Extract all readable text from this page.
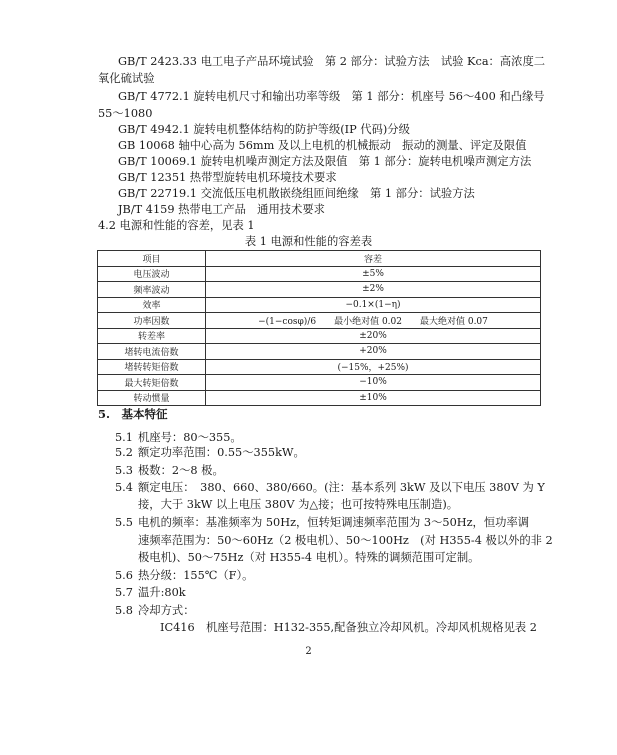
GB/T 2423.33 电工电子产品环境试验　第 2 部分：试验方法　试验 Kca：高浓度二
氧化硫试验
GB/T 4772.1 旋转电机尺寸和输出功率等级　第 1 部分：机座号 56～400 和凸缘号
55～1080
GB/T 4942.1 旋转电机整体结构的防护等级(IP 代码)分级
GB 10068 轴中心高为 56mm 及以上电机的机械振动　振动的测量、评定及限值
GB/T 10069.1 旋转电机噪声测定方法及限值　第 1 部分：旋转电机噪声测定方法
GB/T 12351 热带型旋转电机环境技术要求
GB/T 22719.1 交流低压电机散嵌绕组匝间绝缘　第 1 部分：试验方法
JB/T 4159 热带电工产品　通用技术要求
4.2 电源和性能的容差，见表 1
表 1 电源和性能的容差表
项目	容差
电压波动	±5%
频率波动	±2%
效率	−0.1×(1−η)
功率因数	−(1−cosφ)/6　　最小绝对值 0.02　　最大绝对值 0.07
转差率	±20%
堵转电流倍数	+20%
堵转转矩倍数	(−15%，+25%)
最大转矩倍数	−10%
转动惯量	±10%
5.　基本特征
5.1 机座号：80～355。
5.2 额定功率范围：0.55～355kW。
5.3 极数：2～8 极。
5.4 额定电压：　380、660、380/660。(注：基本系列 3kW 及以下电压 380V 为 Y
接，大于 3kW 以上电压 380V 为△接；也可按特殊电压制造)。
5.5 电机的频率：基准频率为 50Hz，恒转矩调速频率范围为 3～50Hz，恒功率调
速频率范围为：50～60Hz（2 极电机）、50～100Hz　(对 H355-4 极以外的非 2
极电机)、50～75Hz（对 H355-4 电机）。特殊的调频范围可定制。
5.6 热分级：155℃（F）。
5.7 温升:80k
5.8 冷却方式：
IC416　机座号范围：H132-355,配备独立冷却风机。冷却风机规格见表 2
2
